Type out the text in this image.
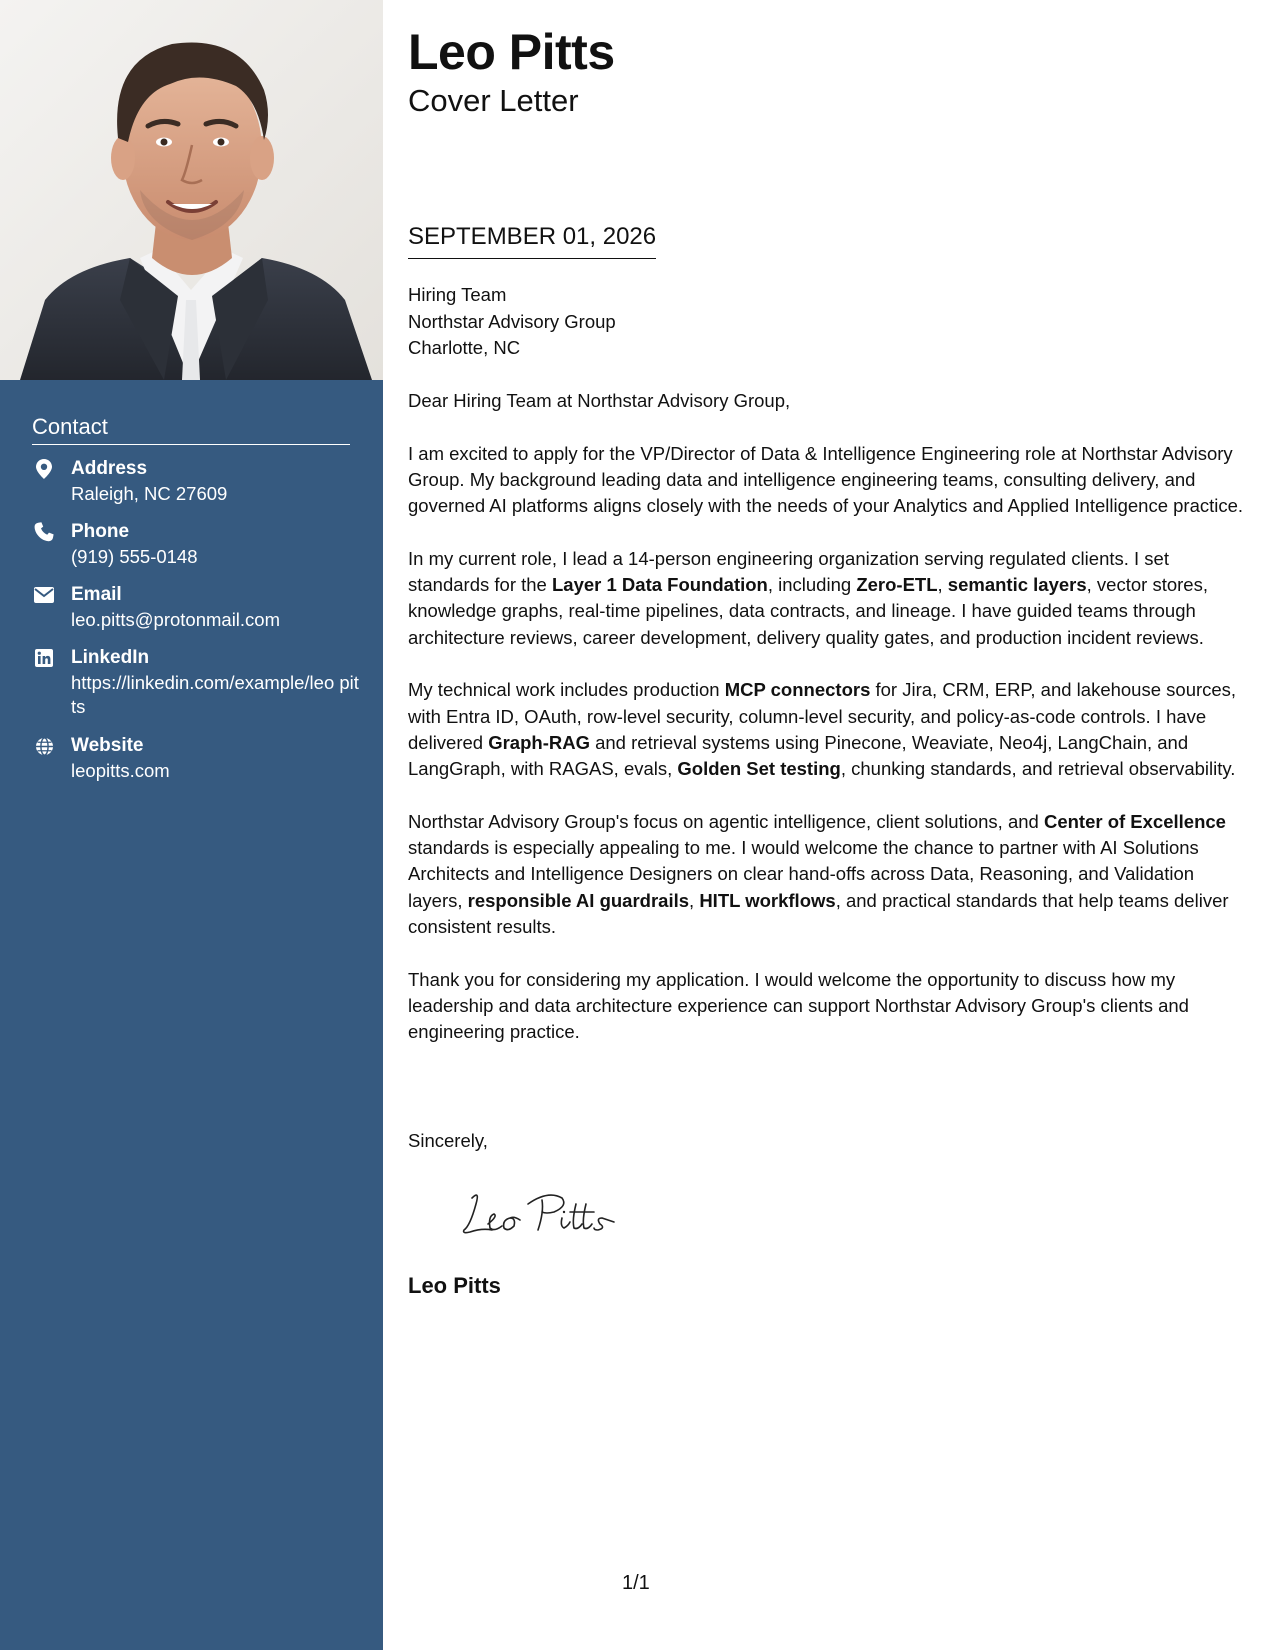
Contact
Address
Raleigh, NC 27609
Phone
(919) 555-0148
Email
leo.pitts@protonmail.com
LinkedIn
https://linkedin.com/example/leo pitts
Website
leopitts.com
Leo Pitts
Cover Letter
SEPTEMBER 01, 2026
Hiring Team
Northstar Advisory Group
Charlotte, NC

Dear Hiring Team at Northstar Advisory Group,

I am excited to apply for the VP/Director of Data & Intelligence Engineering role at Northstar Advisory Group. My background leading data and intelligence engineering teams, consulting delivery, and governed AI platforms aligns closely with the needs of your Analytics and Applied Intelligence practice.

In my current role, I lead a 14-person engineering organization serving regulated clients. I set standards for the Layer 1 Data Foundation, including Zero-ETL, semantic layers, vector stores, knowledge graphs, real-time pipelines, data contracts, and lineage. I have guided teams through architecture reviews, career development, delivery quality gates, and production incident reviews.

My technical work includes production MCP connectors for Jira, CRM, ERP, and lakehouse sources, with Entra ID, OAuth, row-level security, column-level security, and policy-as-code controls. I have delivered Graph-RAG and retrieval systems using Pinecone, Weaviate, Neo4j, LangChain, and LangGraph, with RAGAS, evals, Golden Set testing, chunking standards, and retrieval observability.

Northstar Advisory Group's focus on agentic intelligence, client solutions, and Center of Excellence standards is especially appealing to me. I would welcome the chance to partner with AI Solutions Architects and Intelligence Designers on clear hand-offs across Data, Reasoning, and Validation layers, responsible AI guardrails, HITL workflows, and practical standards that help teams deliver consistent results.

Thank you for considering my application. I would welcome the opportunity to discuss how my leadership and data architecture experience can support Northstar Advisory Group's clients and engineering practice.

Sincerely,
Leo Pitts
1/1
